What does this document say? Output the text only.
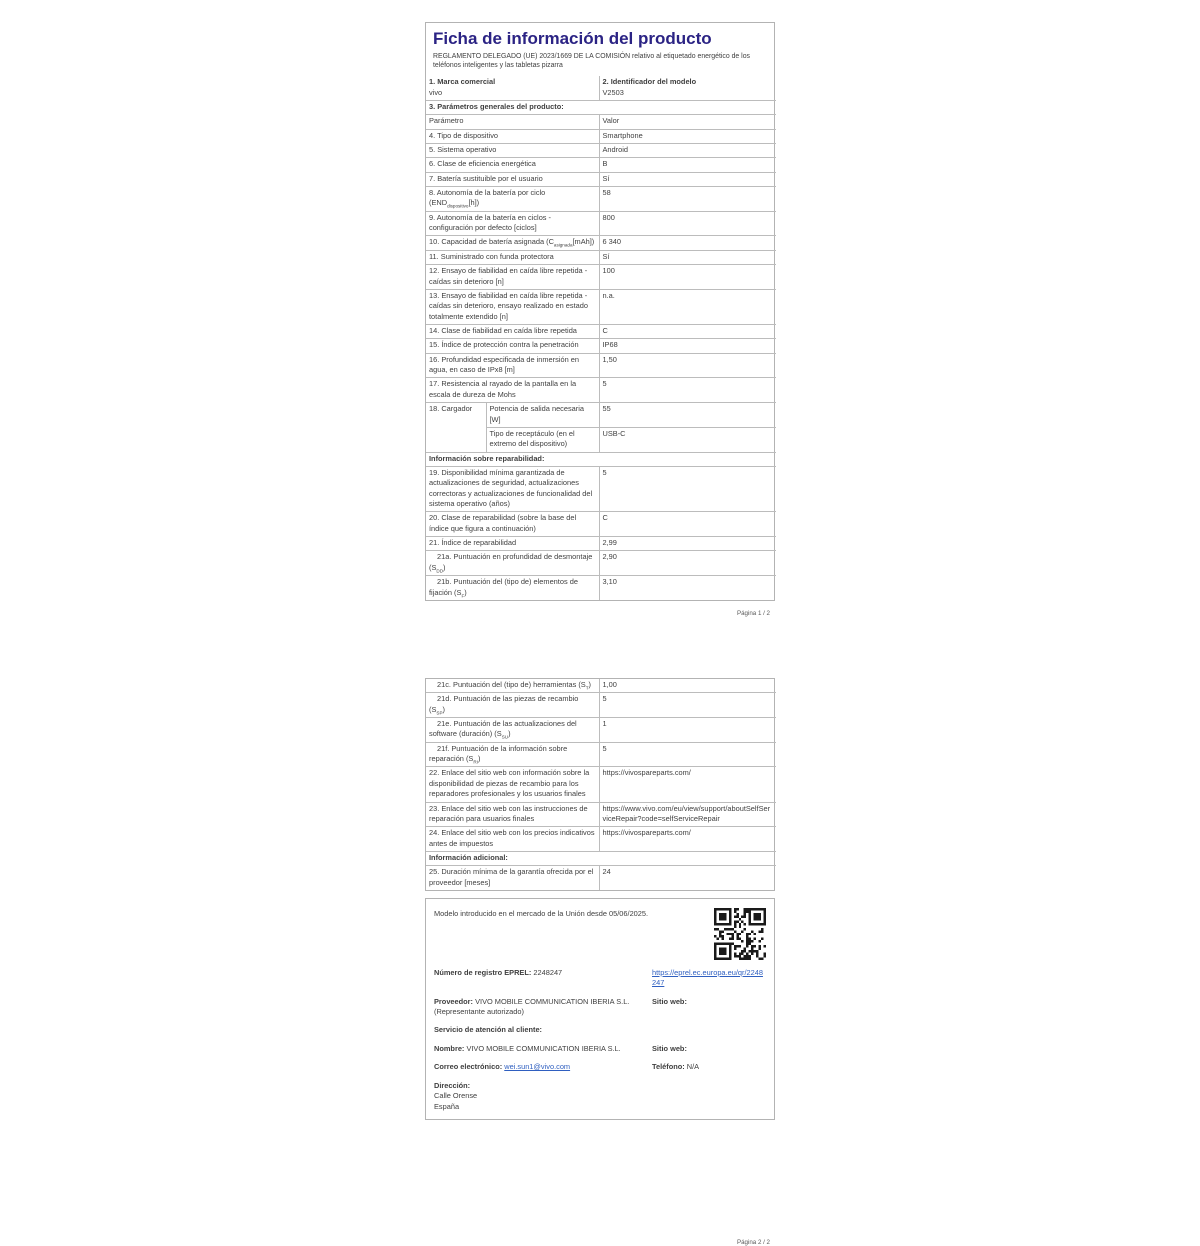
Ficha de información del producto
REGLAMENTO DELEGADO (UE) 2023/1669 DE LA COMISIÓN relativo al etiquetado energético de los teléfonos inteligentes y las tabletas pizarra
1. Marca comercial
vivo

2. Identificador del modelo
V2503

3. Parámetros generales del producto:		
Parámetro		Valor
4. Tipo de dispositivo		Smartphone
5. Sistema operativo		Android
6. Clase de eficiencia energética		B
7. Batería sustituible por el usuario		Sí
8. Autonomía de la batería por ciclo $(END_{dispositivo}[h])$		58
9. Autonomía de la batería en ciclos - configuración por defecto [ciclos]		800
10. Capacidad de batería asignada $(C_{asignada}[mAh])$		6 340
11. Suministrado con funda protectora		Sí
12. Ensayo de fiabilidad en caída libre repetida - caídas sin deterioro [n]		100
13. Ensayo de fiabilidad en caída libre repetida - caídas sin deterioro, ensayo realizado en estado totalmente extendido [n]		n.a.
14. Clase de fiabilidad en caída libre repetida		C
15. Índice de protección contra la penetración		IP68
16. Profundidad especificada de inmersión en agua, en caso de IPx8 [m]		1,50
17. Resistencia al rayado de la pantalla en la escala de dureza de Mohs		5
18. Cargador	Potencia de salida necesaria [W]	55
	Tipo de receptáculo (en el extremo del dispositivo)	USB-C
Información sobre reparabilidad:		
19. Disponibilidad mínima garantizada de actualizaciones de seguridad, actualizaciones correctoras y actualizaciones de funcionalidad del sistema operativo (años)		5
20. Clase de reparabilidad (sobre la base del índice que figura a continuación)		C
21. Índice de reparabilidad		2,99
21a. Puntuación en profundidad de desmontaje $(S_{DD})$		2,90
21b. Puntuación del (tipo de) elementos de fijación $(S_F)$		3,10
Página 1 / 2
21c. Puntuación del (tipo de) herramientas $(S_T)$	1,00
21d. Puntuación de las piezas de recambio $(S_{SP})$	5
21e. Puntuación de las actualizaciones del software (duración) $(S_{SU})$	1
21f. Puntuación de la información sobre reparación $(S_{RI})$	5
22. Enlace del sitio web con información sobre la disponibilidad de piezas de recambio para los reparadores profesionales y los usuarios finales	https://vivospareparts.com/
23. Enlace del sitio web con las instrucciones de reparación para usuarios finales	https://www.vivo.com/eu/view/support/aboutSelfServiceRepair?code=selfServiceRepair
24. Enlace del sitio web con los precios indicativos antes de impuestos	https://vivospareparts.com/
Información adicional:	
25. Duración mínima de la garantía ofrecida por el proveedor [meses]	24
Modelo introducido en el mercado de la Unión desde 05/06/2025.
Número de registro EPREL: 2248247	https://eprel.ec.europa.eu/qr/2248247
Proveedor: VIVO MOBILE COMMUNICATION IBERIA S.L. (Representante autorizado)
Sitio web:
Servicio de atención al cliente:
Nombre: VIVO MOBILE COMMUNICATION IBERIA S.L.	Sitio web:
Correo electrónico: wei.sun1@vivo.com	Teléfono: N/A
Dirección:
Calle Orense
España
Página 2 / 2
